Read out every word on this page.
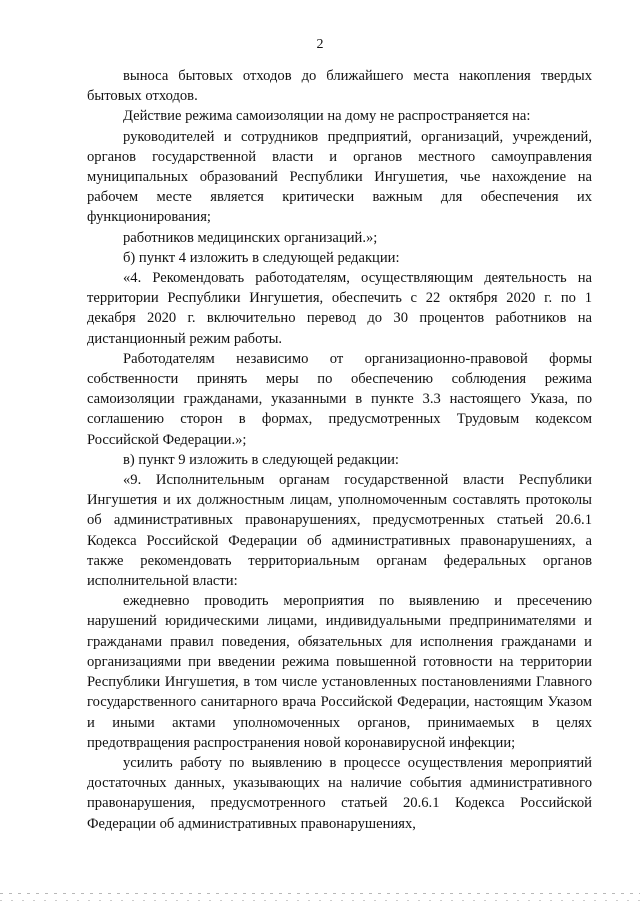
2

выноса бытовых отходов до ближайшего места накопления твердых бытовых отходов.

Действие режима самоизоляции на дому не распространяется на:

руководителей и сотрудников предприятий, организаций, учреждений, органов государственной власти и органов местного самоуправления муниципальных образований Республики Ингушетия, чье нахождение на рабочем месте является критически важным для обеспечения их функционирования;

работников медицинских организаций.»;

б) пункт 4 изложить в следующей редакции:

«4. Рекомендовать работодателям, осуществляющим деятельность на территории Республики Ингушетия, обеспечить с 22 октября 2020 г. по 1 декабря 2020 г. включительно перевод до 30 процентов работников на дистанционный режим работы.

Работодателям независимо от организационно-правовой формы собственности принять меры по обеспечению соблюдения режима самоизоляции гражданами, указанными в пункте 3.3 настоящего Указа, по соглашению сторон в формах, предусмотренных Трудовым кодексом Российской Федерации.»;

в) пункт 9 изложить в следующей редакции:

«9. Исполнительным органам государственной власти Республики Ингушетия и их должностным лицам, уполномоченным составлять протоколы об административных правонарушениях, предусмотренных статьей 20.6.1 Кодекса Российской Федерации об административных правонарушениях, а также рекомендовать территориальным органам федеральных органов исполнительной власти:

ежедневно проводить мероприятия по выявлению и пресечению нарушений юридическими лицами, индивидуальными предпринимателями и гражданами правил поведения, обязательных для исполнения гражданами и организациями при введении режима повышенной готовности на территории Республики Ингушетия, в том числе установленных постановлениями Главного государственного санитарного врача Российской Федерации, настоящим Указом и иными актами уполномоченных органов, принимаемых в целях предотвращения распространения новой коронавирусной инфекции;

усилить работу по выявлению в процессе осуществления мероприятий достаточных данных, указывающих на наличие события административного правонарушения, предусмотренного статьей 20.6.1 Кодекса Российской Федерации об административных правонарушениях,
